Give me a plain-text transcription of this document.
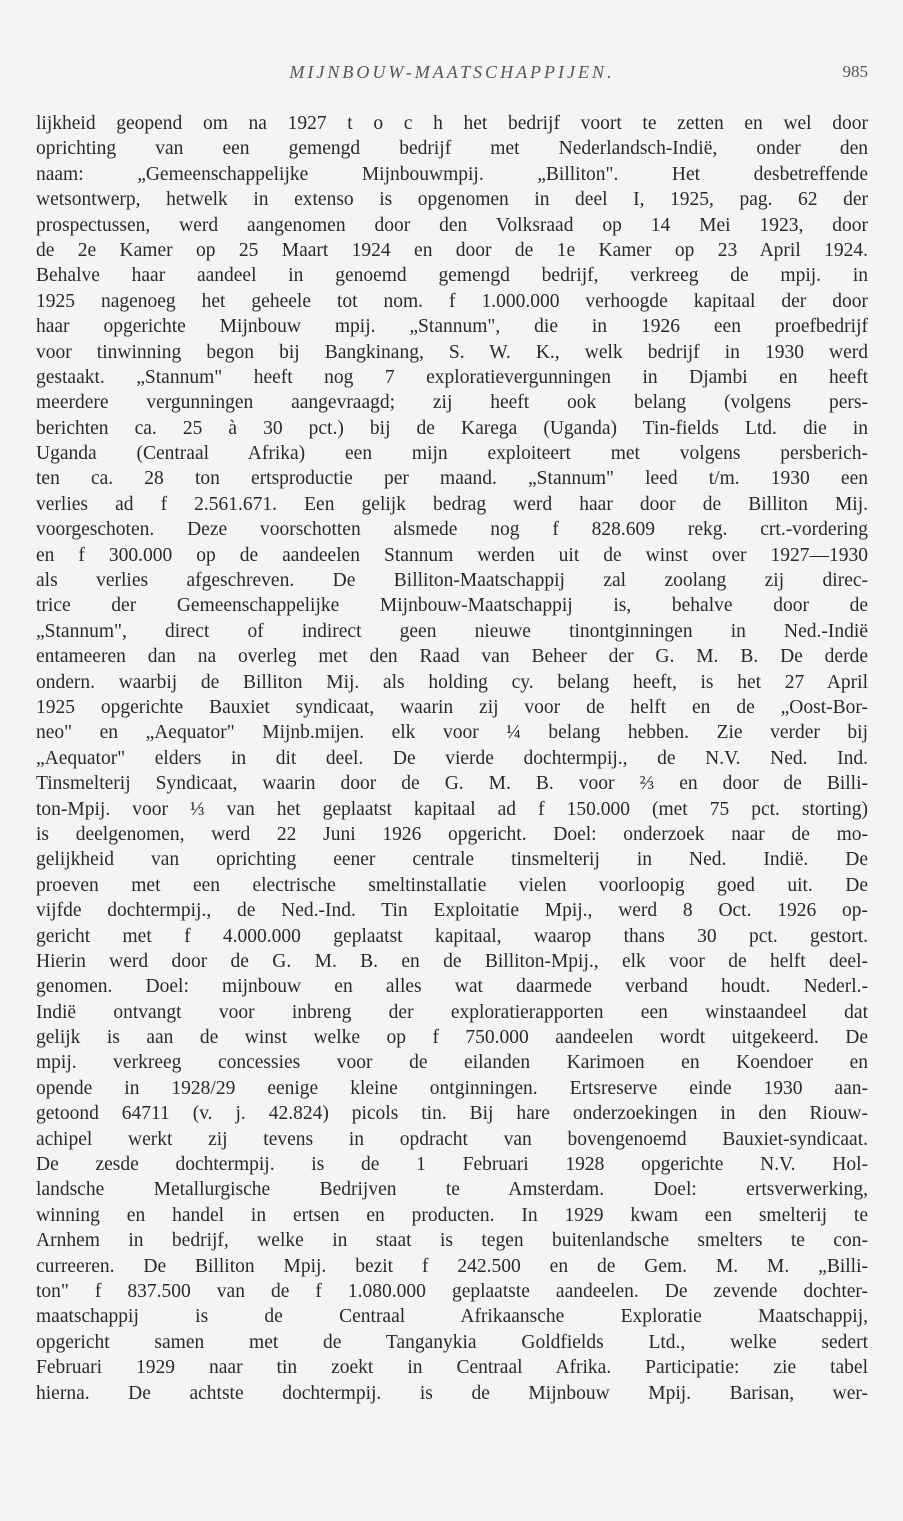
MIJNBOUW-MAATSCHAPPIJEN.	985
lijkheid geopend om na 1927 t o c h het bedrijf voort te zetten en wel door
oprichting van een gemengd bedrijf met Nederlandsch-Indië, onder den
naam: „Gemeenschappelijke Mijnbouwmpij. „Billiton". Het desbetreffende
wetsontwerp, hetwelk in extenso is opgenomen in deel I, 1925, pag. 62 der
prospectussen, werd aangenomen door den Volksraad op 14 Mei 1923, door
de 2e Kamer op 25 Maart 1924 en door de 1e Kamer op 23 April 1924.
Behalve haar aandeel in genoemd gemengd bedrijf, verkreeg de mpij. in
1925 nagenoeg het geheele tot nom. f 1.000.000 verhoogde kapitaal der door
haar opgerichte Mijnbouw mpij. „Stannum", die in 1926 een proefbedrijf
voor tinwinning begon bij Bangkinang, S. W. K., welk bedrijf in 1930 werd
gestaakt. „Stannum" heeft nog 7 exploratievergunningen in Djambi en heeft
meerdere vergunningen aangevraagd; zij heeft ook belang (volgens pers-
berichten ca. 25 à 30 pct.) bij de Karega (Uganda) Tin-fields Ltd. die in
Uganda (Centraal Afrika) een mijn exploiteert met volgens persberich-
ten ca. 28 ton ertsproductie per maand. „Stannum" leed t/m. 1930 een
verlies ad f 2.561.671. Een gelijk bedrag werd haar door de Billiton Mij.
voorgeschoten. Deze voorschotten alsmede nog f 828.609 rekg. crt.-vordering
en f 300.000 op de aandeelen Stannum werden uit de winst over 1927—1930
als verlies afgeschreven. De Billiton-Maatschappij zal zoolang zij direc-
trice der Gemeenschappelijke Mijnbouw-Maatschappij is, behalve door de
„Stannum", direct of indirect geen nieuwe tinontginningen in Ned.-Indië
entameeren dan na overleg met den Raad van Beheer der G. M. B. De derde
ondern. waarbij de Billiton Mij. als holding cy. belang heeft, is het 27 April
1925 opgerichte Bauxiet syndicaat, waarin zij voor de helft en de „Oost-Bor-
neo" en „Aequator" Mijnb.mijen. elk voor ¼ belang hebben. Zie verder bij
„Aequator" elders in dit deel. De vierde dochtermpij., de N.V. Ned. Ind.
Tinsmelterij Syndicaat, waarin door de G. M. B. voor ⅔ en door de Billi-
ton-Mpij. voor ⅓ van het geplaatst kapitaal ad f 150.000 (met 75 pct. storting)
is deelgenomen, werd 22 Juni 1926 opgericht. Doel: onderzoek naar de mo-
gelijkheid van oprichting eener centrale tinsmelterij in Ned. Indië. De
proeven met een electrische smeltinstallatie vielen voorloopig goed uit. De
vijfde dochtermpij., de Ned.-Ind. Tin Exploitatie Mpij., werd 8 Oct. 1926 op-
gericht met f 4.000.000 geplaatst kapitaal, waarop thans 30 pct. gestort.
Hierin werd door de G. M. B. en de Billiton-Mpij., elk voor de helft deel-
genomen. Doel: mijnbouw en alles wat daarmede verband houdt. Nederl.-
Indië ontvangt voor inbreng der exploratierapporten een winstaandeel dat
gelijk is aan de winst welke op f 750.000 aandeelen wordt uitgekeerd. De
mpij. verkreeg concessies voor de eilanden Karimoen en Koendoer en
opende in 1928/29 eenige kleine ontginningen. Ertsreserve einde 1930 aan-
getoond 64711 (v. j. 42.824) picols tin. Bij hare onderzoekingen in den Riouw-
achipel werkt zij tevens in opdracht van bovengenoemd Bauxiet-syndicaat.
De zesde dochtermpij. is de 1 Februari 1928 opgerichte N.V. Hol-
landsche Metallurgische Bedrijven te Amsterdam. Doel: ertsverwerking,
winning en handel in ertsen en producten. In 1929 kwam een smelterij te
Arnhem in bedrijf, welke in staat is tegen buitenlandsche smelters te con-
curreeren. De Billiton Mpij. bezit f 242.500 en de Gem. M. M. „Billi-
ton" f 837.500 van de f 1.080.000 geplaatste aandeelen. De zevende dochter-
maatschappij is de Centraal Afrikaansche Exploratie Maatschappij,
opgericht samen met de Tanganykia Goldfields Ltd., welke sedert
Februari 1929 naar tin zoekt in Centraal Afrika. Participatie: zie tabel
hierna. De achtste dochtermpij. is de Mijnbouw Mpij. Barisan, wer-
